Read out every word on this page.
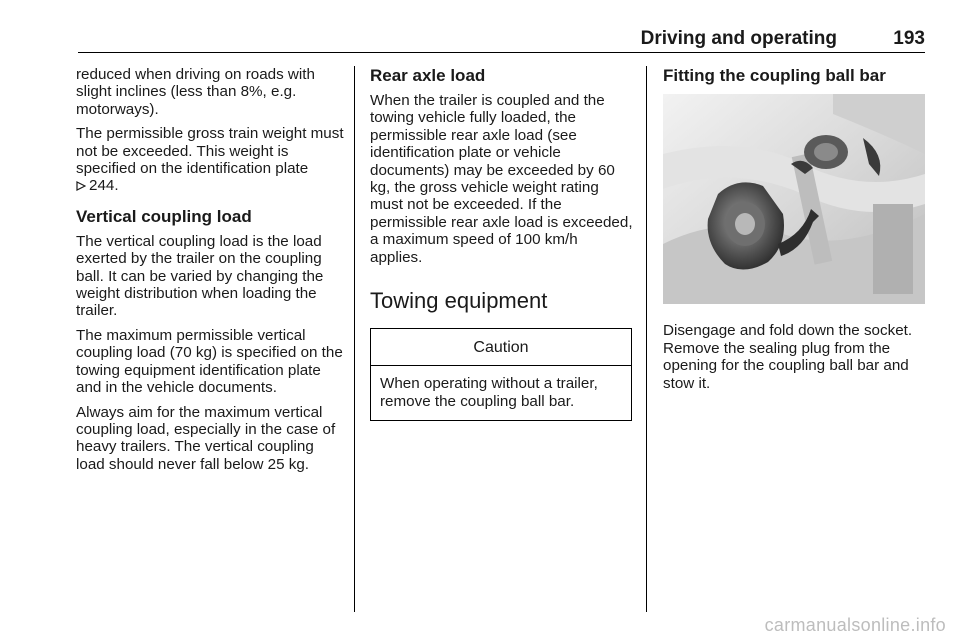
Driving and operating	193

reduced when driving on roads with slight inclines (less than 8%, e.g. motorways).

The permissible gross train weight must not be exceeded. This weight is specified on the identification plate
244.

Vertical coupling load

The vertical coupling load is the load exerted by the trailer on the coupling ball. It can be varied by changing the weight distribution when loading the trailer.

The maximum permissible vertical coupling load (70 kg) is specified on the towing equipment identification plate and in the vehicle documents.

Always aim for the maximum vertical coupling load, especially in the case of heavy trailers. The vertical coupling load should never fall below 25 kg.

Rear axle load

When the trailer is coupled and the towing vehicle fully loaded, the permissible rear axle load (see identification plate or vehicle documents) may be exceeded by 60 kg, the gross vehicle weight rating must not be exceeded. If the permissible rear axle load is exceeded, a maximum speed of 100 km/h applies.

Towing equipment
Caution
When operating without a trailer, remove the coupling ball bar.
Fitting the coupling ball bar

Disengage and fold down the socket. Remove the sealing plug from the opening for the coupling ball bar and stow it.

carmanualsonline.info
